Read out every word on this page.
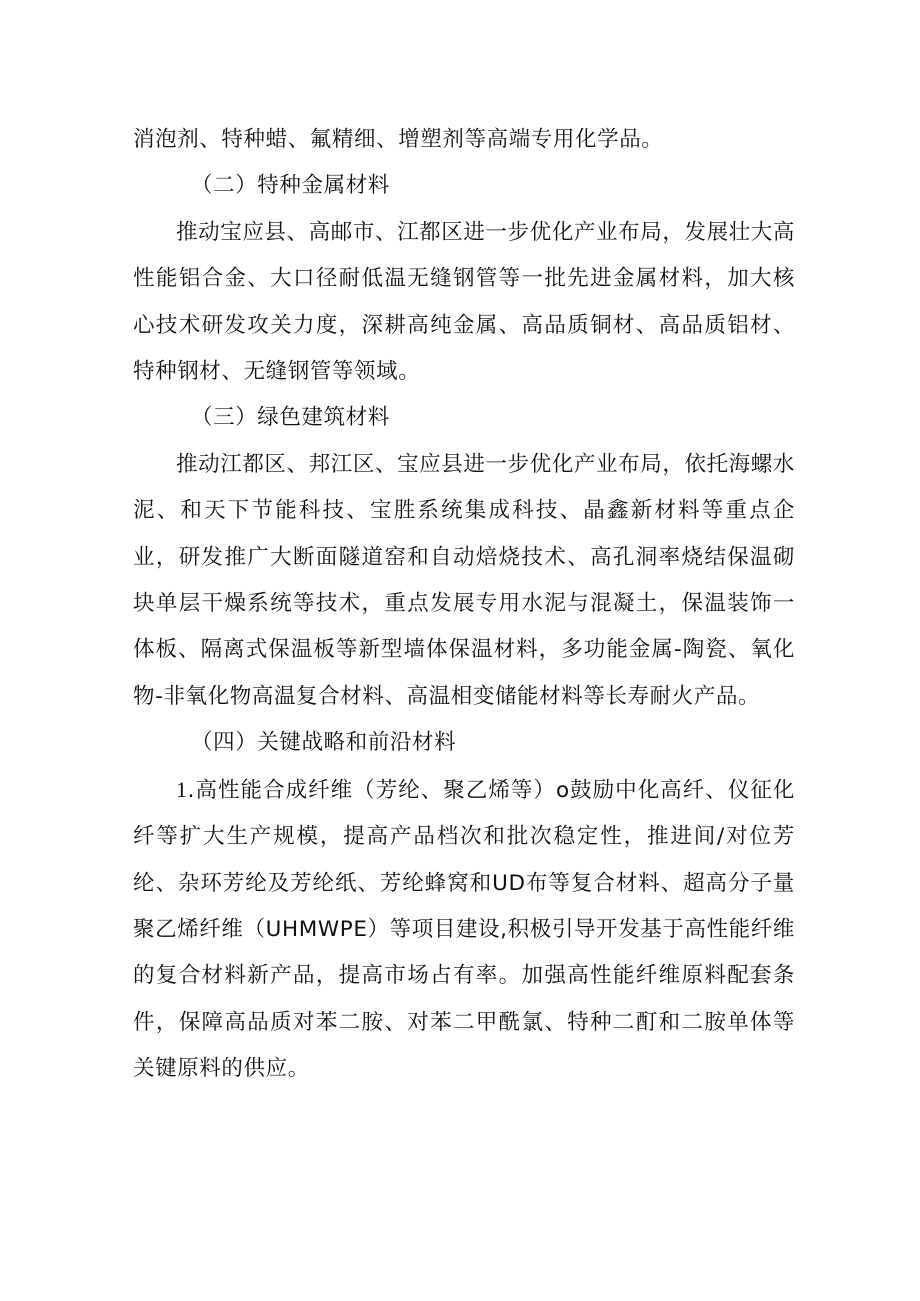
消泡剂、特种蜡、氟精细、增塑剂等高端专用化学品。

（二）特种金属材料

推动宝应县、高邮市、江都区进一步优化产业布局，发展壮大高性能铝合金、大口径耐低温无缝钢管等一批先进金属材料，加大核心技术研发攻关力度，深耕高纯金属、高品质铜材、高品质铝材、特种钢材、无缝钢管等领域。

（三）绿色建筑材料

推动江都区、邦江区、宝应县进一步优化产业布局，依托海螺水泥、和天下节能科技、宝胜系统集成科技、晶鑫新材料等重点企业，研发推广大断面隧道窑和自动焙烧技术、高孔洞率烧结保温砌块单层干燥系统等技术，重点发展专用水泥与混凝土，保温装饰一体板、隔离式保温板等新型墙体保温材料，多功能金属-陶瓷、氧化物-非氧化物高温复合材料、高温相变储能材料等长寿耐火产品。

（四）关键战略和前沿材料

1.高性能合成纤维（芳纶、聚乙烯等）o鼓励中化高纤、仪征化纤等扩大生产规模，提高产品档次和批次稳定性，推进间/对位芳纶、杂环芳纶及芳纶纸、芳纶蜂窝和UD布等复合材料、超高分子量聚乙烯纤维（UHMWPE）等项目建设,积极引导开发基于高性能纤维的复合材料新产品，提高市场占有率。加强高性能纤维原料配套条件，保障高品质对苯二胺、对苯二甲酰氯、特种二酊和二胺单体等关键原料的供应。
